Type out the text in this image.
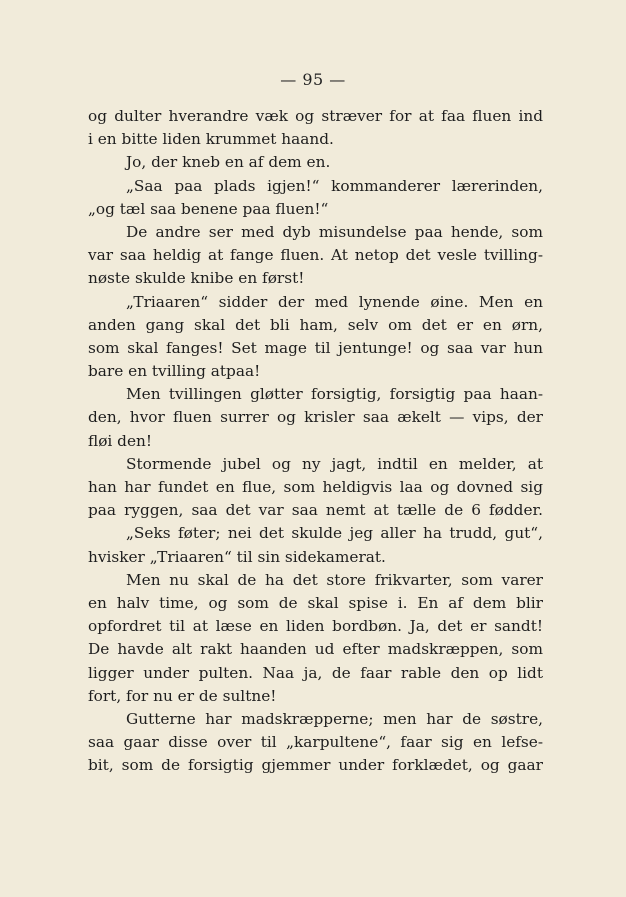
— 95 —
og dulter hverandre væk og stræver for at faa fluen ind
i en bitte liden krummet haand.
Jo, der kneb en af dem en.
„Saa paa plads igjen!“ kommanderer lærerinden,
„og tæl saa benene paa fluen!“
De andre ser med dyb misundelse paa hende, som
var saa heldig at fange fluen. At netop det vesle tvilling-
nøste skulde knibe en først!
„Triaaren“ sidder der med lynende øine. Men en
anden gang skal det bli ham, selv om det er en ørn,
som skal fanges! Set mage til jentunge! og saa var hun
bare en tvilling atpaa!
Men tvillingen gløtter forsigtig, forsigtig paa haan-
den, hvor fluen surrer og krisler saa ækelt — vips, der
fløi den!
Stormende jubel og ny jagt, indtil en melder, at
han har fundet en flue, som heldigvis laa og dovned sig
paa ryggen, saa det var saa nemt at tælle de 6 fødder.
„Seks føter; nei det skulde jeg aller ha trudd, gut“,
hvisker „Triaaren“ til sin sidekamerat.
Men nu skal de ha det store frikvarter, som varer
en halv time, og som de skal spise i. En af dem blir
opfordret til at læse en liden bordbøn. Ja, det er sandt!
De havde alt rakt haanden ud efter madskræppen, som
ligger under pulten. Naa ja, de faar rable den op lidt
fort, for nu er de sultne!
Gutterne har madskræpperne; men har de søstre,
saa gaar disse over til „karpultene“, faar sig en lefse-
bit, som de forsigtig gjemmer under forklædet, og gaar
